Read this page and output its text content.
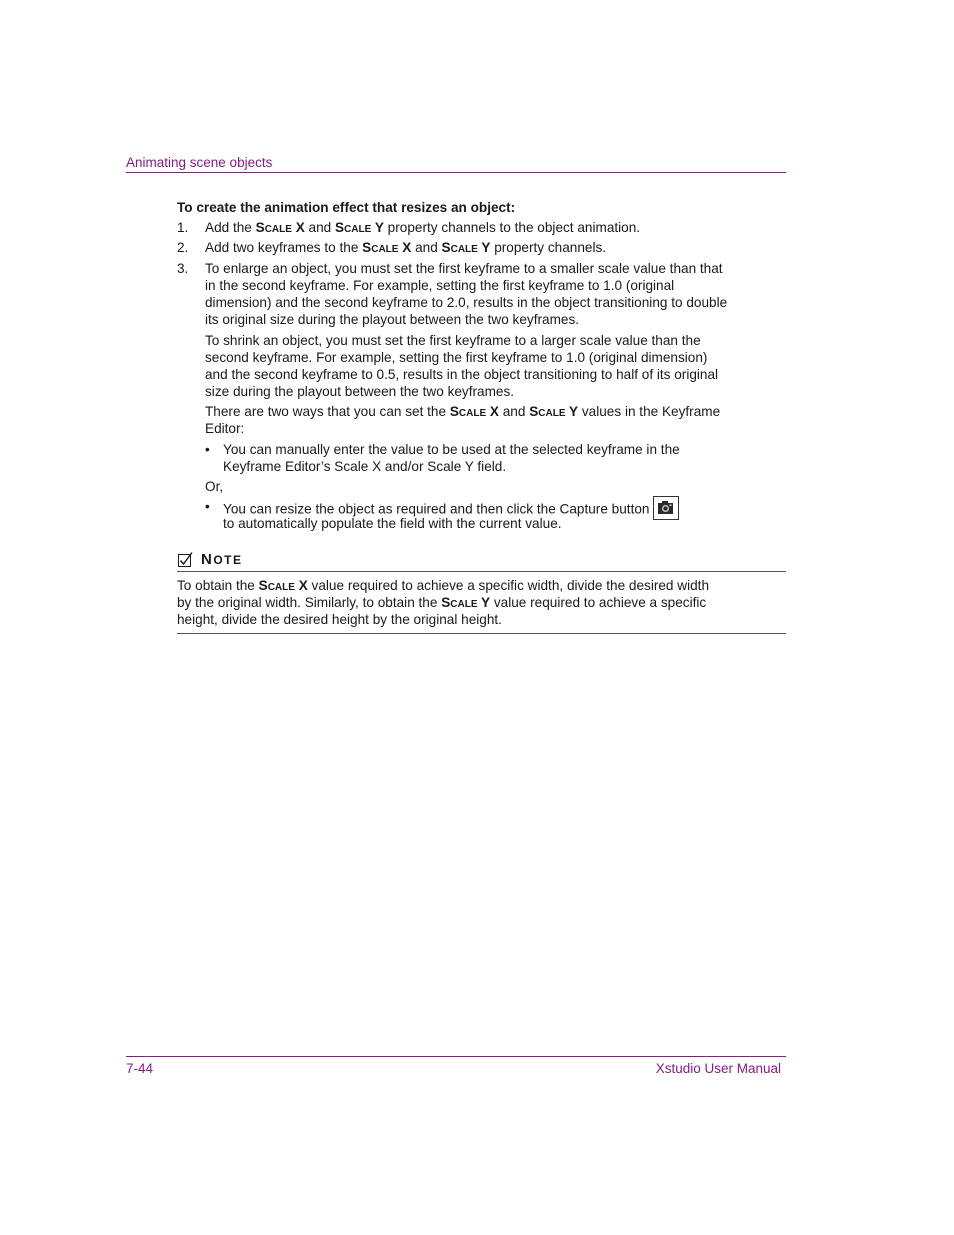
Animating scene objects
To create the animation effect that resizes an object:
1. Add the Scale X and Scale Y property channels to the object animation.
2. Add two keyframes to the Scale X and Scale Y property channels.
3. To enlarge an object, you must set the first keyframe to a smaller scale value than that
in the second keyframe. For example, setting the first keyframe to 1.0 (original
dimension) and the second keyframe to 2.0, results in the object transitioning to double
its original size during the playout between the two keyframes.
To shrink an object, you must set the first keyframe to a larger scale value than the
second keyframe. For example, setting the first keyframe to 1.0 (original dimension)
and the second keyframe to 0.5, results in the object transitioning to half of its original
size during the playout between the two keyframes.
There are two ways that you can set the Scale X and Scale Y values in the Keyframe
Editor:
• You can manually enter the value to be used at the selected keyframe in the
Keyframe Editor’s Scale X and/or Scale Y field.
Or,
• You can resize the object as required and then click the Capture button
to automatically populate the field with the current value.
NOTE
To obtain the Scale X value required to achieve a specific width, divide the desired width
by the original width. Similarly, to obtain the Scale Y value required to achieve a specific
height, divide the desired height by the original height.
7-44	Xstudio User Manual
